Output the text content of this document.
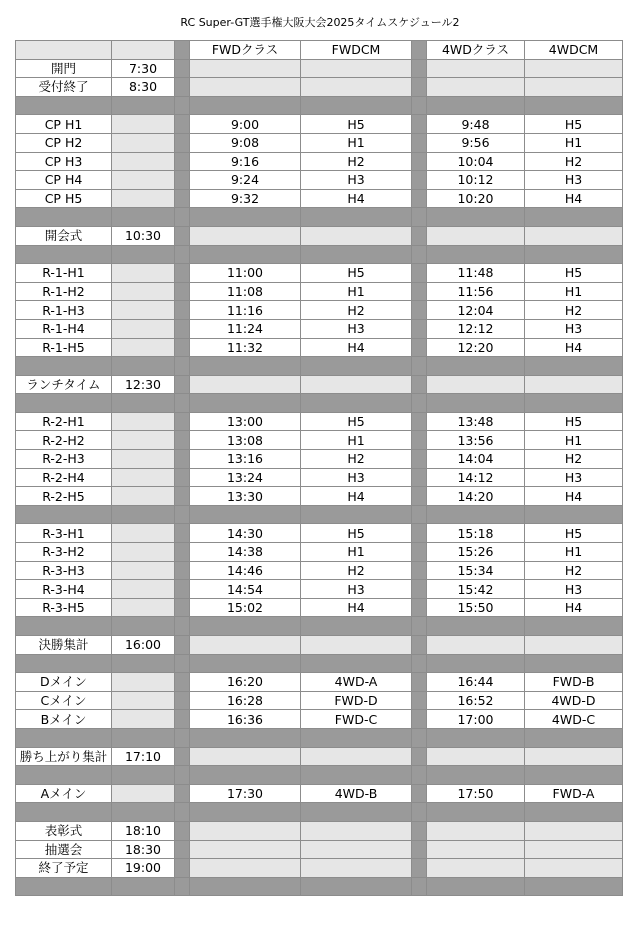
RC Super-GT選手権大阪大会2025タイムスケジュール2
			FWDクラス	FWDCM		4WDクラス	4WDCM
開門	7:30						
受付終了	8:30						

CP H1			9:00	H5		9:48	H5
CP H2			9:08	H1		9:56	H1
CP H3			9:16	H2		10:04	H2
CP H4			9:24	H3		10:12	H3
CP H5			9:32	H4		10:20	H4

開会式	10:30						

R-1-H1			11:00	H5		11:48	H5
R-1-H2			11:08	H1		11:56	H1
R-1-H3			11:16	H2		12:04	H2
R-1-H4			11:24	H3		12:12	H3
R-1-H5			11:32	H4		12:20	H4

ランチタイム	12:30						

R-2-H1			13:00	H5		13:48	H5
R-2-H2			13:08	H1		13:56	H1
R-2-H3			13:16	H2		14:04	H2
R-2-H4			13:24	H3		14:12	H3
R-2-H5			13:30	H4		14:20	H4

R-3-H1			14:30	H5		15:18	H5
R-3-H2			14:38	H1		15:26	H1
R-3-H3			14:46	H2		15:34	H2
R-3-H4			14:54	H3		15:42	H3
R-3-H5			15:02	H4		15:50	H4

決勝集計	16:00						

Dメイン			16:20	4WD-A		16:44	FWD-B
Cメイン			16:28	FWD-D		16:52	4WD-D
Bメイン			16:36	FWD-C		17:00	4WD-C

勝ち上がり集計	17:10						

Aメイン			17:30	4WD-B		17:50	FWD-A

表彰式	18:10						
抽選会	18:30						
終了予定	19:00						
